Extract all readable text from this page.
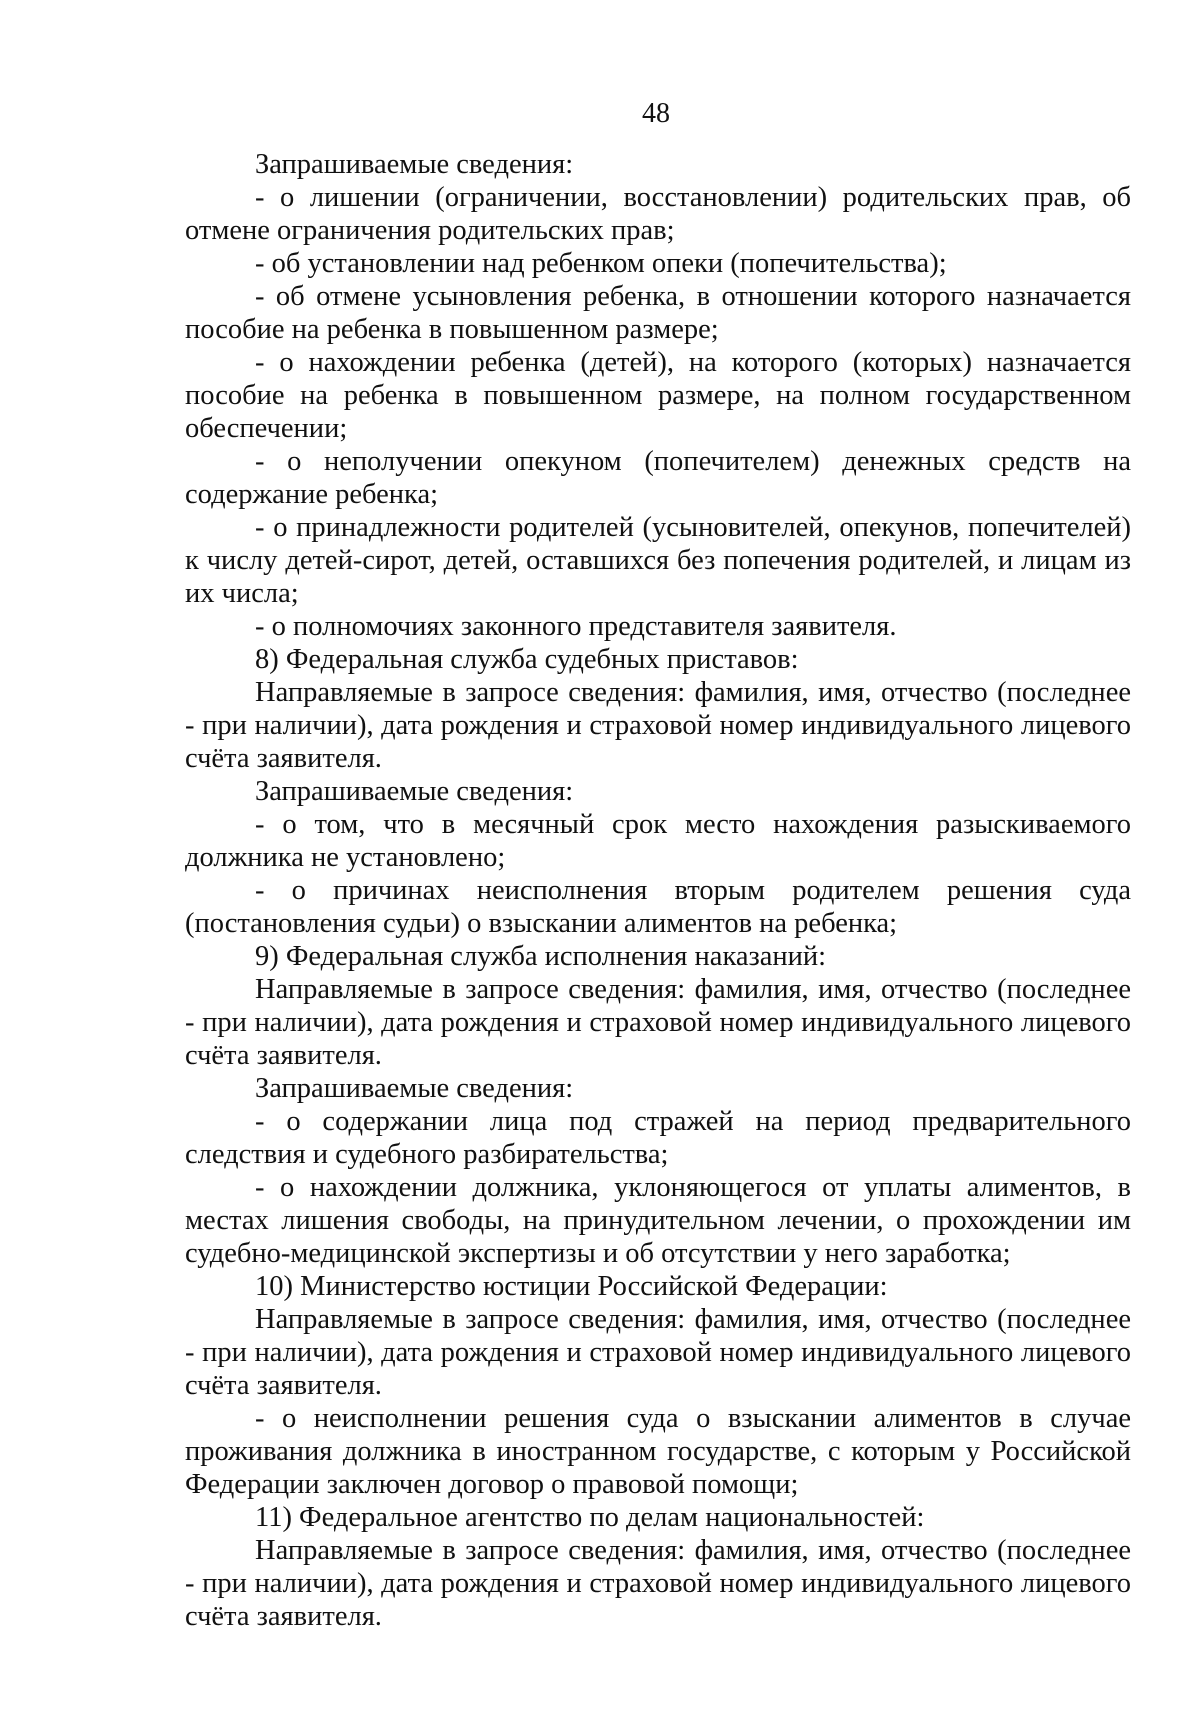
48

Запрашиваемые сведения:

- о лишении (ограничении, восстановлении) родительских прав, об отмене ограничения родительских прав;

- об установлении над ребенком опеки (попечительства);

- об отмене усыновления ребенка, в отношении которого назначается пособие на ребенка в повышенном размере;

- о нахождении ребенка (детей), на которого (которых) назначается пособие на ребенка в повышенном размере, на полном государственном обеспечении;

- о неполучении опекуном (попечителем) денежных средств на содержание ребенка;

- о принадлежности родителей (усыновителей, опекунов, попечителей) к числу детей-сирот, детей, оставшихся без попечения родителей, и лицам из их числа;

- о полномочиях законного представителя заявителя.

8) Федеральная служба судебных приставов:

Направляемые в запросе сведения: фамилия, имя, отчество (последнее - при наличии), дата рождения и страховой номер индивидуального лицевого счёта заявителя.

Запрашиваемые сведения:

- о том, что в месячный срок место нахождения разыскиваемого должника не установлено;

- о причинах неисполнения вторым родителем решения суда (постановления судьи) о взыскании алиментов на ребенка;

9) Федеральная служба исполнения наказаний:

Направляемые в запросе сведения: фамилия, имя, отчество (последнее - при наличии), дата рождения и страховой номер индивидуального лицевого счёта заявителя.

Запрашиваемые сведения:

- о содержании лица под стражей на период предварительного следствия и судебного разбирательства;

- о нахождении должника, уклоняющегося от уплаты алиментов, в местах лишения свободы, на принудительном лечении, о прохождении им судебно-медицинской экспертизы и об отсутствии у него заработка;

10) Министерство юстиции Российской Федерации:

Направляемые в запросе сведения: фамилия, имя, отчество (последнее - при наличии), дата рождения и страховой номер индивидуального лицевого счёта заявителя.

- о неисполнении решения суда о взыскании алиментов в случае проживания должника в иностранном государстве, с которым у Российской Федерации заключен договор о правовой помощи;

11) Федеральное агентство по делам национальностей:

Направляемые в запросе сведения: фамилия, имя, отчество (последнее - при наличии), дата рождения и страховой номер индивидуального лицевого счёта заявителя.
